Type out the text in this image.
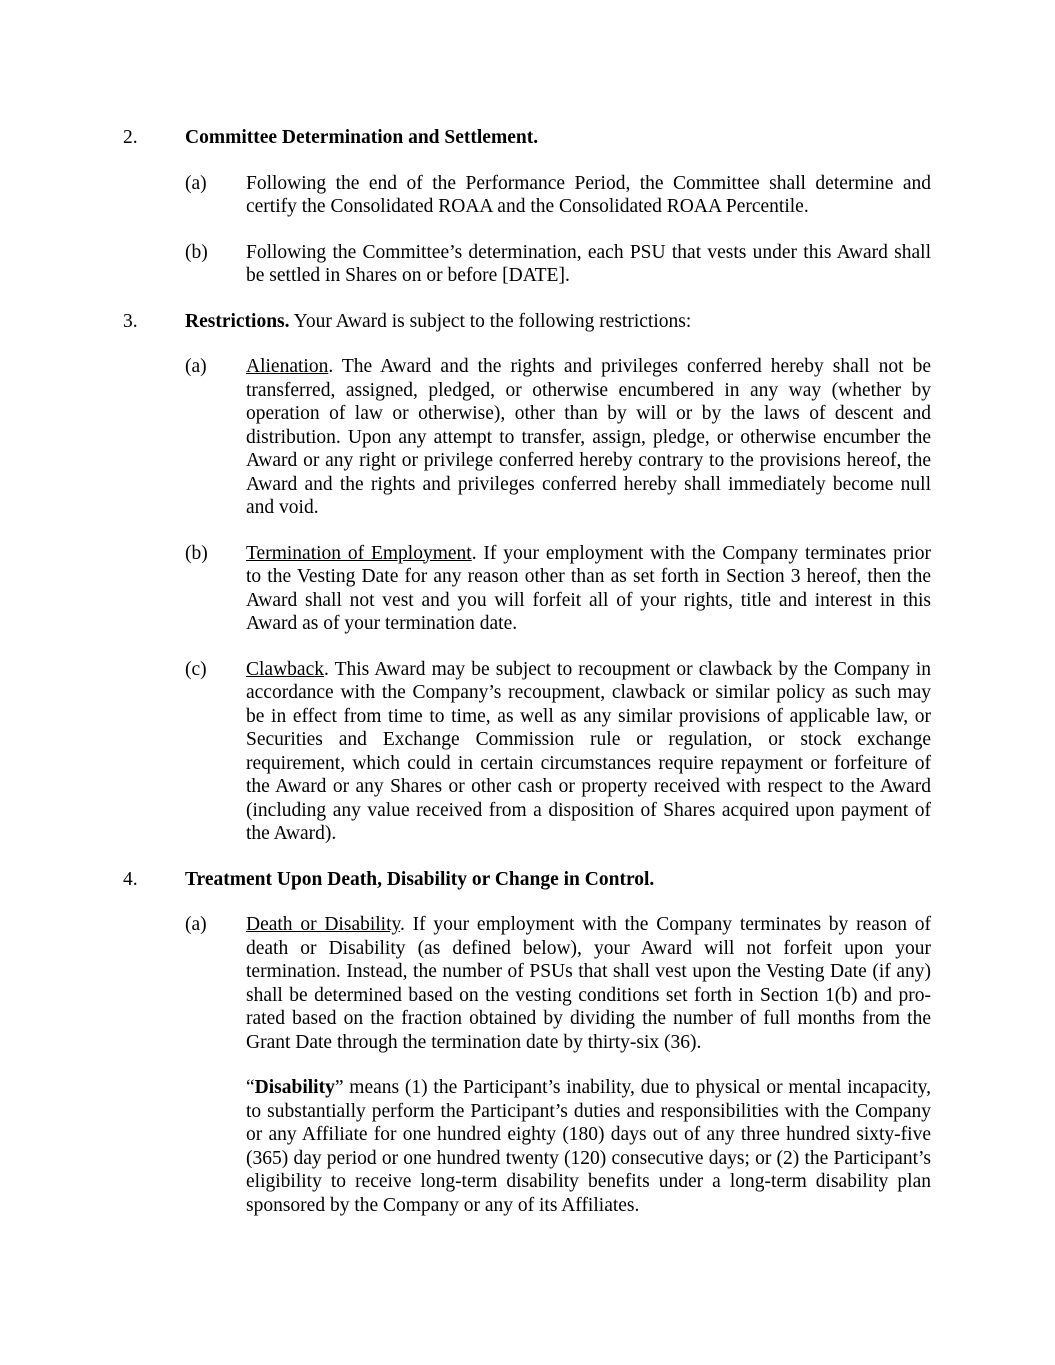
2.	Committee Determination and Settlement.

(a)	Following the end of the Performance Period, the Committee shall determine and certify the Consolidated ROAA and the Consolidated ROAA Percentile.

(b)	Following the Committee’s determination, each PSU that vests under this Award shall be settled in Shares on or before [DATE].

3.	Restrictions. Your Award is subject to the following restrictions:

(a)	Alienation. The Award and the rights and privileges conferred hereby shall not be transferred, assigned, pledged, or otherwise encumbered in any way (whether by operation of law or otherwise), other than by will or by the laws of descent and distribution. Upon any attempt to transfer, assign, pledge, or otherwise encumber the Award or any right or privilege conferred hereby contrary to the provisions hereof, the Award and the rights and privileges conferred hereby shall immediately become null and void.

(b)	Termination of Employment. If your employment with the Company terminates prior to the Vesting Date for any reason other than as set forth in Section 3 hereof, then the Award shall not vest and you will forfeit all of your rights, title and interest in this Award as of your termination date.

(c)	Clawback. This Award may be subject to recoupment or clawback by the Company in accordance with the Company’s recoupment, clawback or similar policy as such may be in effect from time to time, as well as any similar provisions of applicable law, or Securities and Exchange Commission rule or regulation, or stock exchange requirement, which could in certain circumstances require repayment or forfeiture of the Award or any Shares or other cash or property received with respect to the Award (including any value received from a disposition of Shares acquired upon payment of the Award).

4.	Treatment Upon Death, Disability or Change in Control.

(a)	Death or Disability. If your employment with the Company terminates by reason of death or Disability (as defined below), your Award will not forfeit upon your termination. Instead, the number of PSUs that shall vest upon the Vesting Date (if any) shall be determined based on the vesting conditions set forth in Section 1(b) and pro-rated based on the fraction obtained by dividing the number of full months from the Grant Date through the termination date by thirty-six (36).

“Disability” means (1) the Participant’s inability, due to physical or mental incapacity, to substantially perform the Participant’s duties and responsibilities with the Company or any Affiliate for one hundred eighty (180) days out of any three hundred sixty-five (365) day period or one hundred twenty (120) consecutive days; or (2) the Participant’s eligibility to receive long-term disability benefits under a long-term disability plan sponsored by the Company or any of its Affiliates.
